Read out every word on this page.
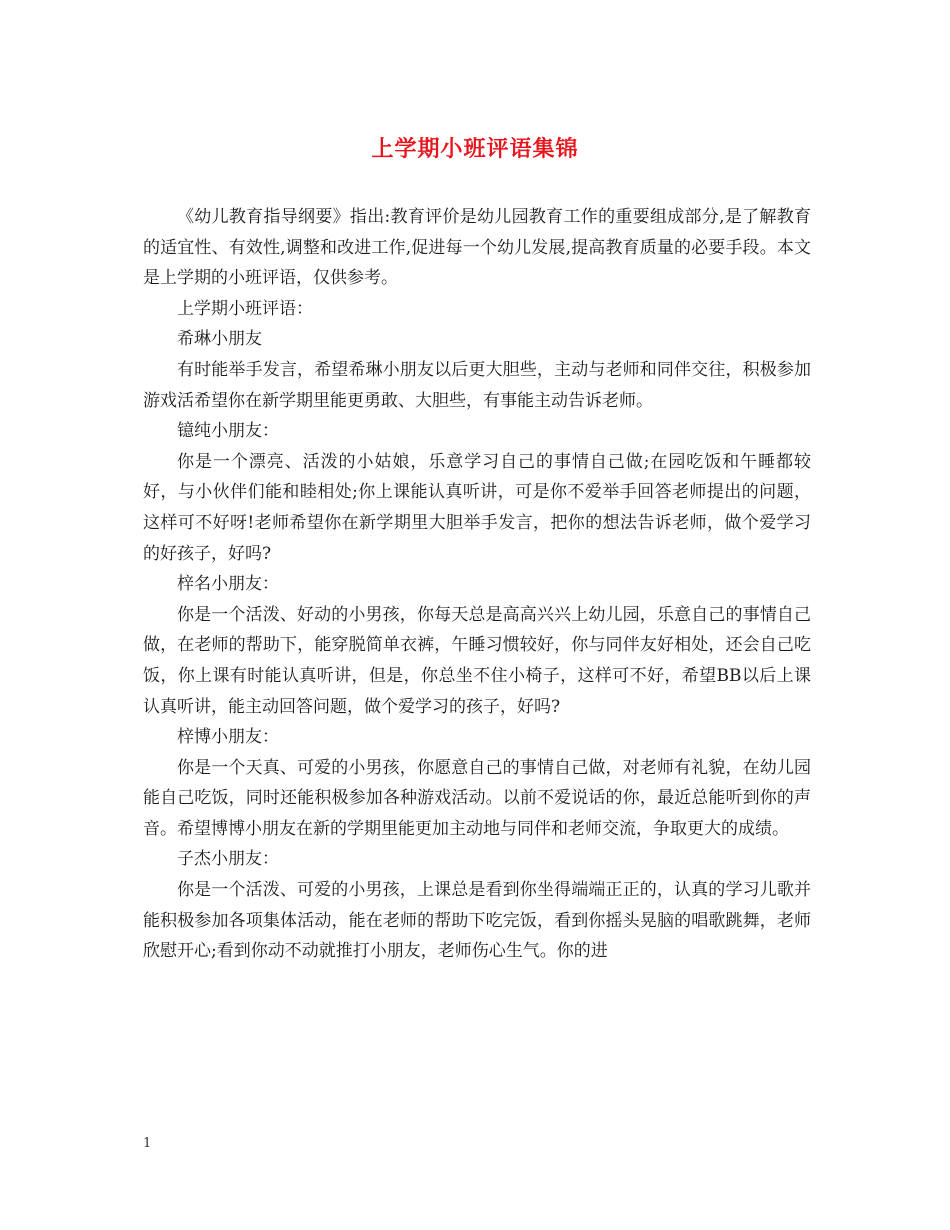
上学期小班评语集锦

《幼儿教育指导纲要》指出:教育评价是幼儿园教育工作的重要组成部分,是了解教育的适宜性、有效性,调整和改进工作,促进每一个幼儿发展,提高教育质量的必要手段。本文是上学期的小班评语，仅供参考。

上学期小班评语：

希琳小朋友

有时能举手发言，希望希琳小朋友以后更大胆些，主动与老师和同伴交往，积极参加游戏活希望你在新学期里能更勇敢、大胆些，有事能主动告诉老师。

镱纯小朋友：

你是一个漂亮、活泼的小姑娘，乐意学习自己的事情自己做;在园吃饭和午睡都较好，与小伙伴们能和睦相处;你上课能认真听讲，可是你不爱举手回答老师提出的问题，这样可不好呀!老师希望你在新学期里大胆举手发言，把你的想法告诉老师，做个爱学习的好孩子，好吗?

梓名小朋友：

你是一个活泼、好动的小男孩，你每天总是高高兴兴上幼儿园，乐意自己的事情自己做，在老师的帮助下，能穿脱简单衣裤，午睡习惯较好，你与同伴友好相处，还会自己吃饭，你上课有时能认真听讲，但是，你总坐不住小椅子，这样可不好，希望BB以后上课认真听讲，能主动回答问题，做个爱学习的孩子，好吗?

梓博小朋友：

你是一个天真、可爱的小男孩，你愿意自己的事情自己做，对老师有礼貌，在幼儿园能自己吃饭，同时还能积极参加各种游戏活动。以前不爱说话的你，最近总能听到你的声音。希望博博小朋友在新的学期里能更加主动地与同伴和老师交流，争取更大的成绩。

子杰小朋友：

你是一个活泼、可爱的小男孩，上课总是看到你坐得端端正正的，认真的学习儿歌并能积极参加各项集体活动，能在老师的帮助下吃完饭，看到你摇头晃脑的唱歌跳舞，老师欣慰开心;看到你动不动就推打小朋友，老师伤心生气。你的进

1
